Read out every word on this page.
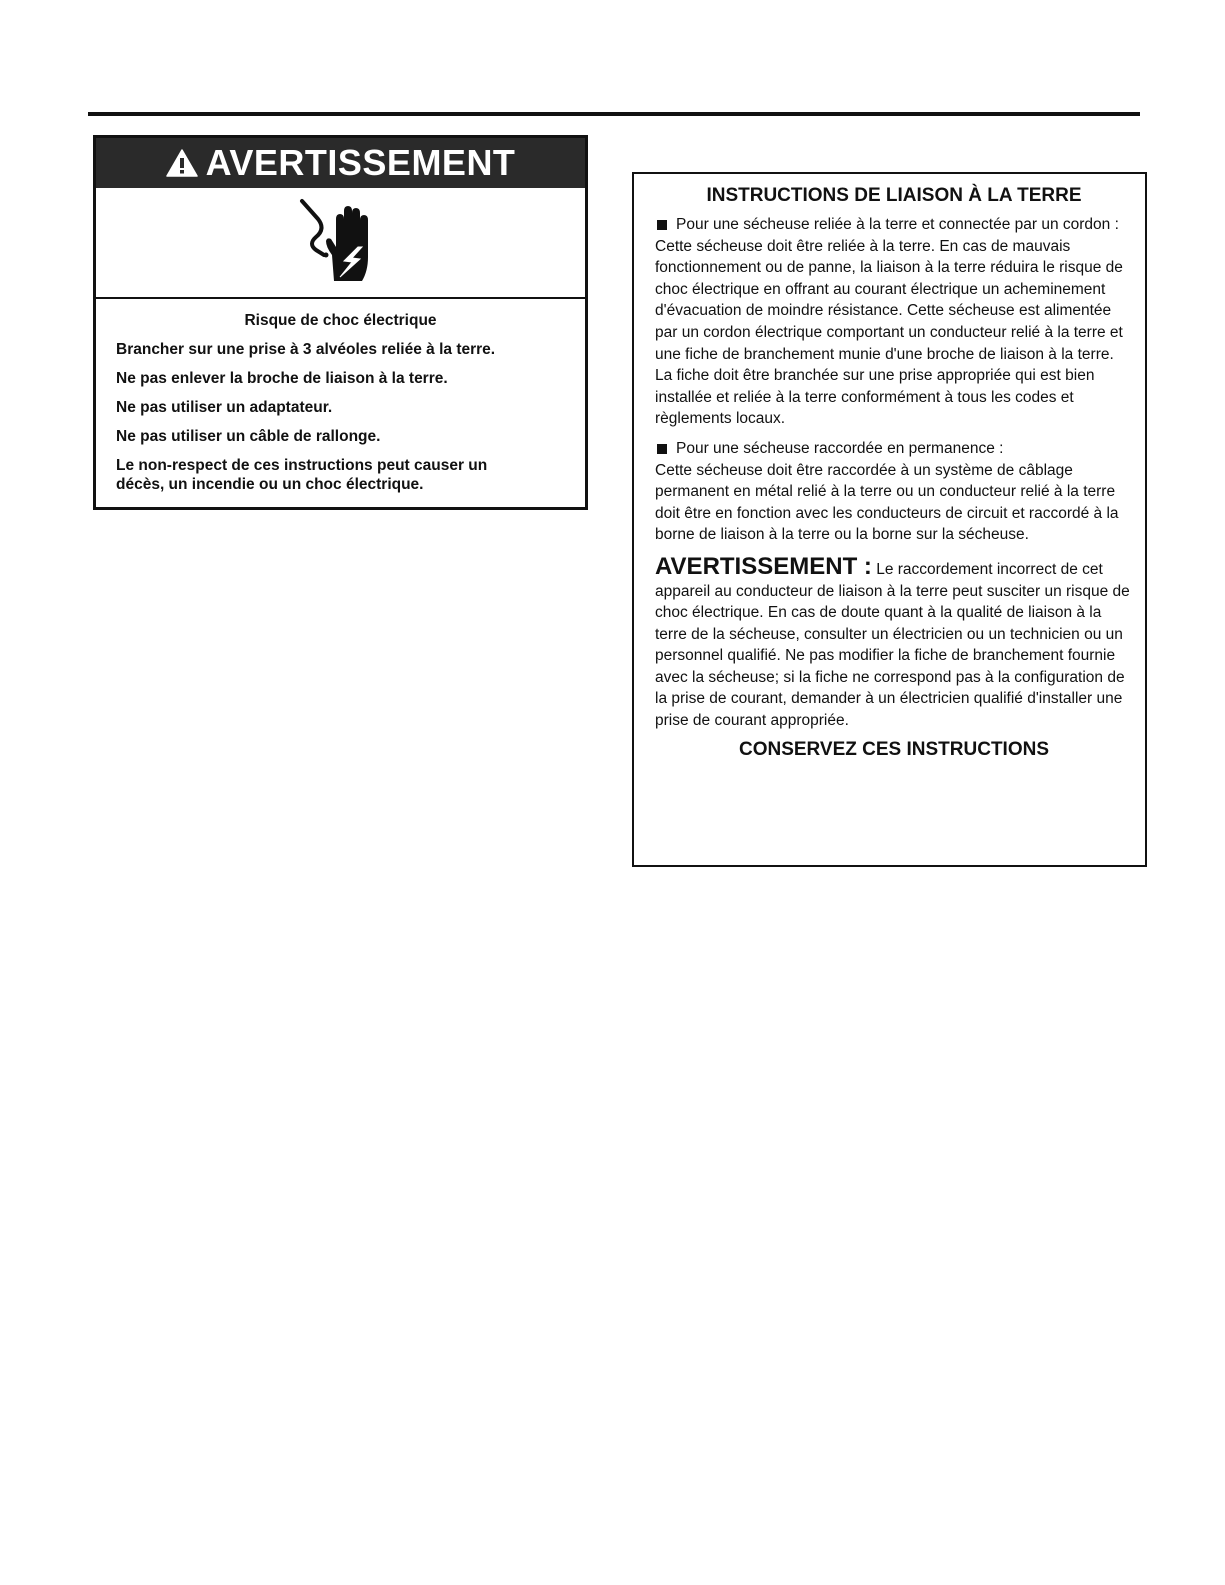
AVERTISSEMENT

Risque de choc électrique

Brancher sur une prise à 3 alvéoles reliée à la terre.

Ne pas enlever la broche de liaison à la terre.

Ne pas utiliser un adaptateur.

Ne pas utiliser un câble de rallonge.

Le non-respect de ces instructions peut causer un décès, un incendie ou un choc électrique.

INSTRUCTIONS DE LIAISON À LA TERRE
Pour une sécheuse reliée à la terre et connectée par un cordon :

Cette sécheuse doit être reliée à la terre. En cas de mauvais fonctionnement ou de panne, la liaison à la terre réduira le risque de choc électrique en offrant au courant électrique un acheminement d'évacuation de moindre résistance. Cette sécheuse est alimentée par un cordon électrique comportant un conducteur relié à la terre et une fiche de branchement munie d'une broche de liaison à la terre. La fiche doit être branchée sur une prise appropriée qui est bien installée et reliée à la terre conformément à tous les codes et règlements locaux.

Pour une sécheuse raccordée en permanence :

Cette sécheuse doit être raccordée à un système de câblage permanent en métal relié à la terre ou un conducteur relié à la terre doit être en fonction avec les conducteurs de circuit et raccordé à la borne de liaison à la terre ou la borne sur la sécheuse.

AVERTISSEMENT : Le raccordement incorrect de cet appareil au conducteur de liaison à la terre peut susciter un risque de choc électrique. En cas de doute quant à la qualité de liaison à la terre de la sécheuse, consulter un électricien ou un technicien ou un personnel qualifié. Ne pas modifier la fiche de branchement fournie avec la sécheuse; si la fiche ne correspond pas à la configuration de la prise de courant, demander à un électricien qualifié d'installer une prise de courant appropriée.

CONSERVEZ CES INSTRUCTIONS
